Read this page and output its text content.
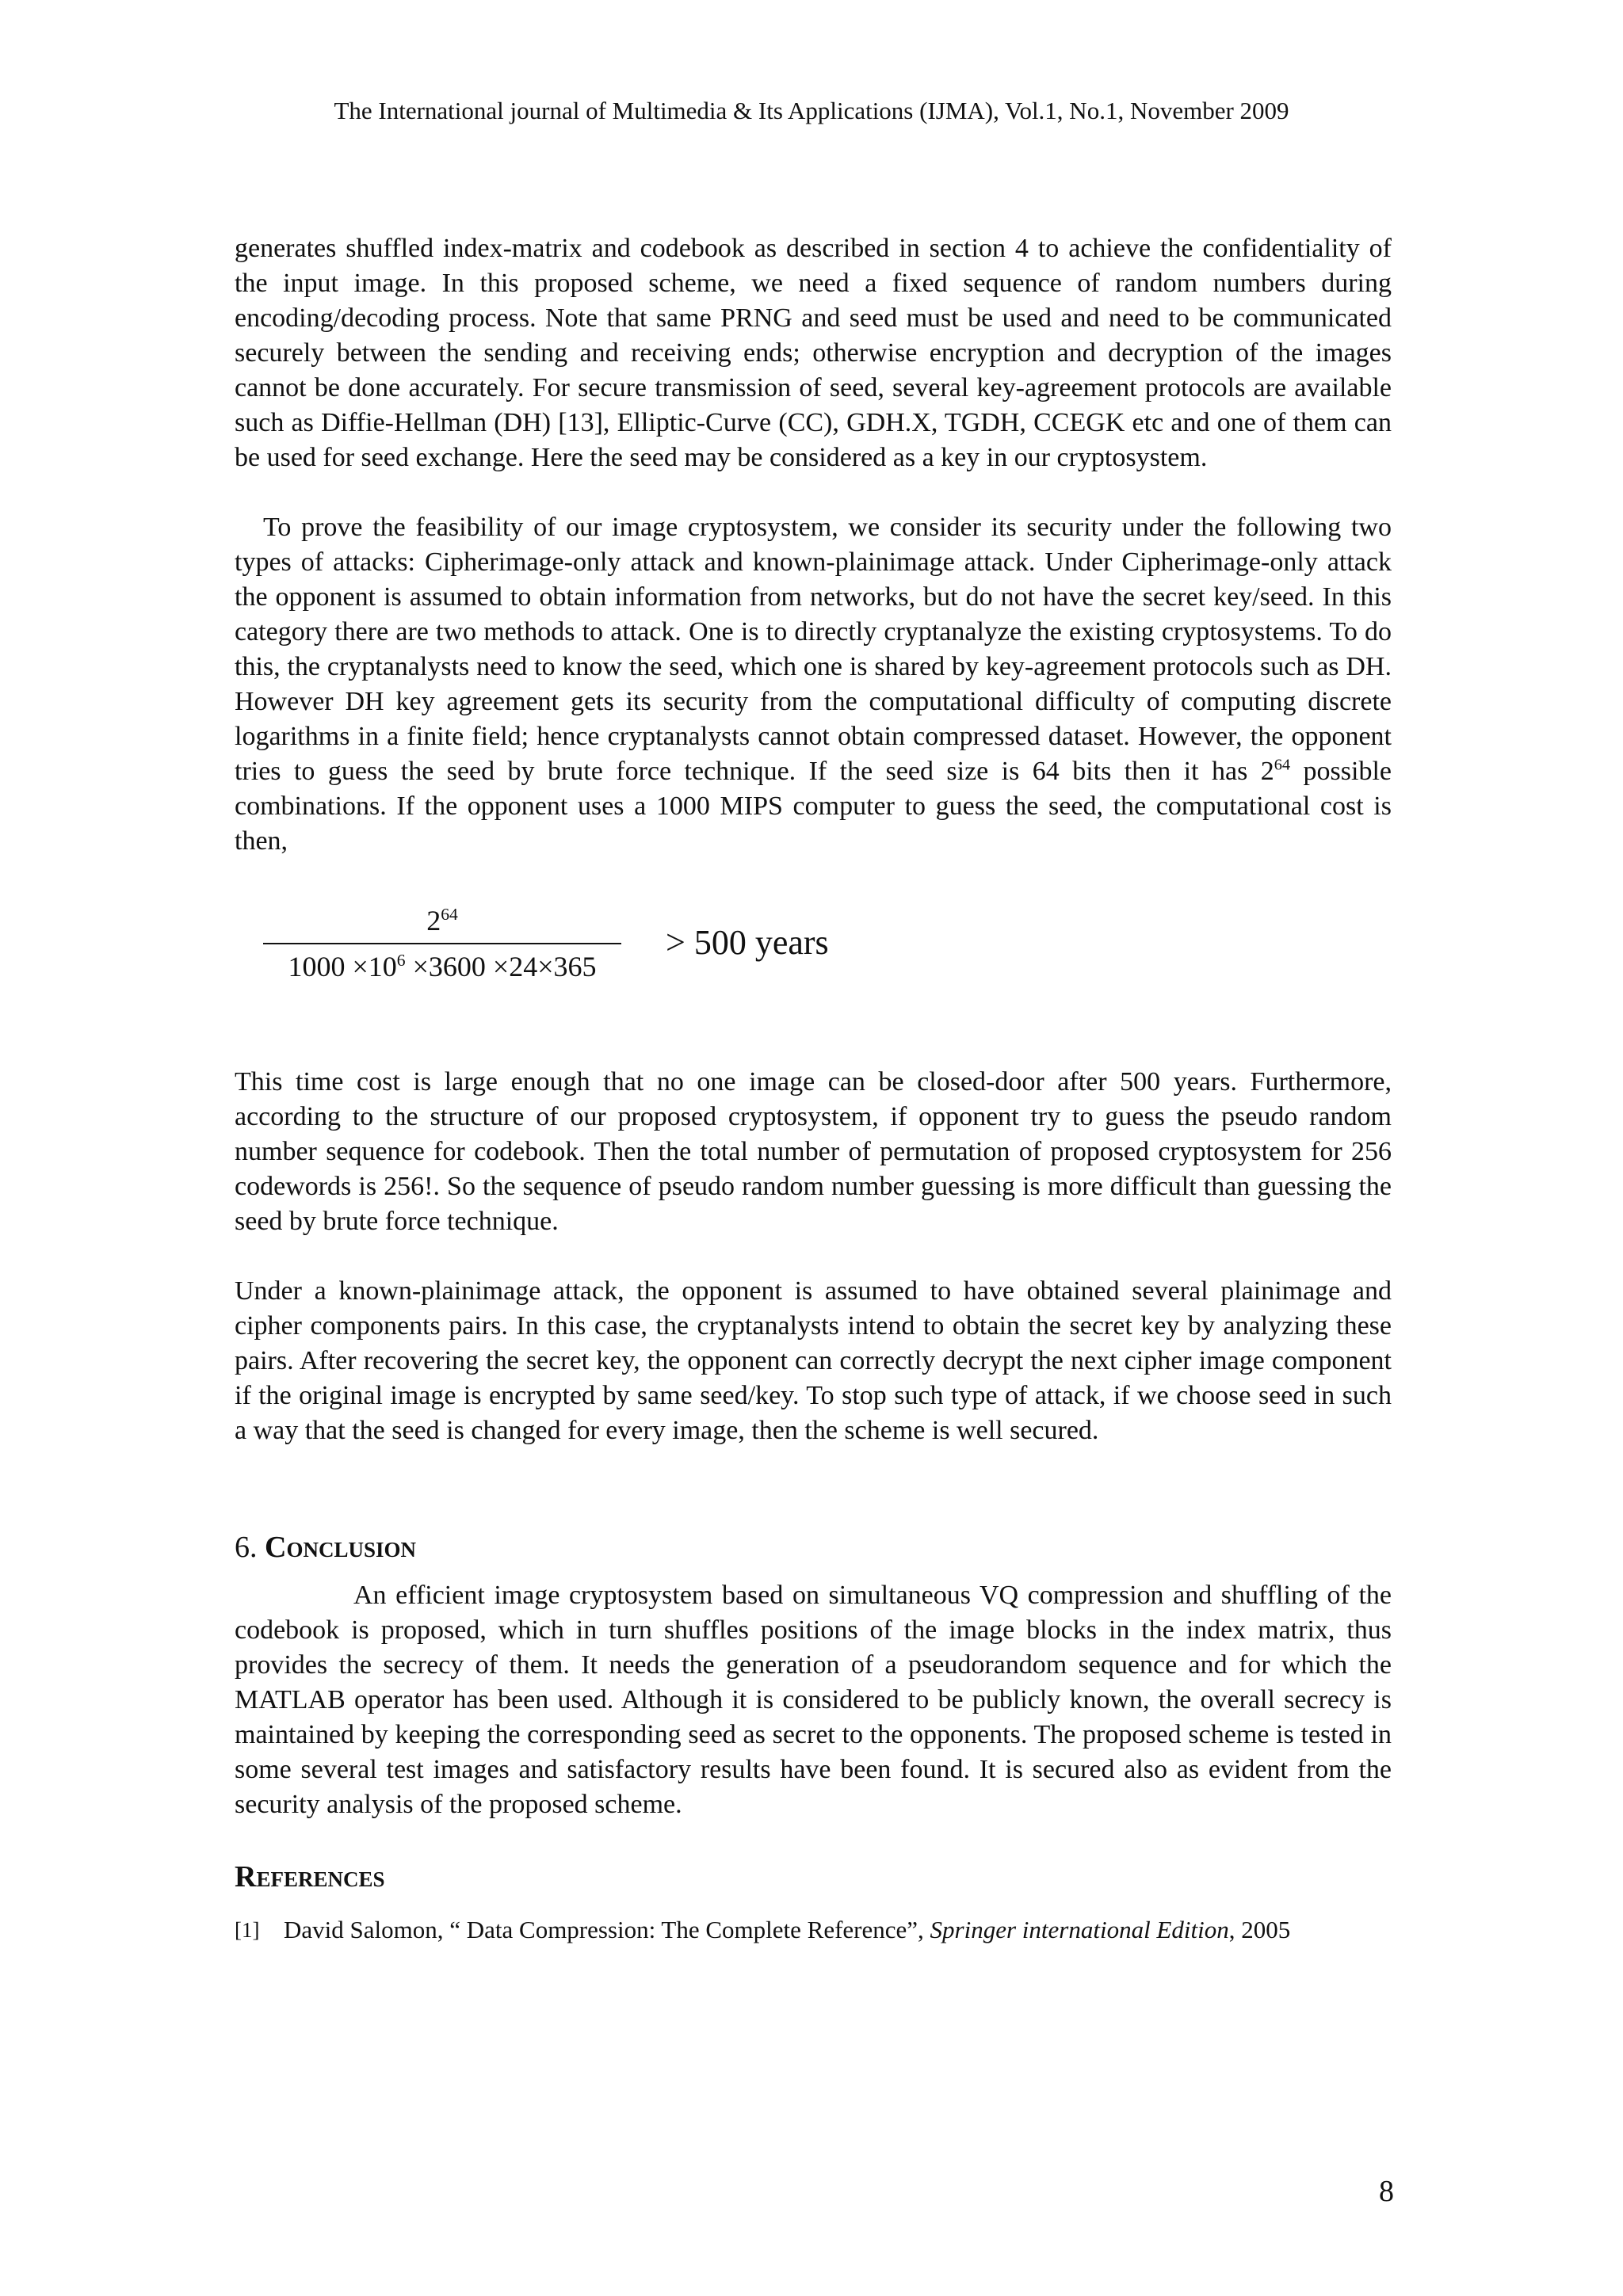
The International journal of Multimedia & Its Applications (IJMA), Vol.1, No.1, November 2009

generates shuffled index-matrix and codebook as described in section 4 to achieve the confidentiality of the input image. In this proposed scheme, we need a fixed sequence of random numbers during encoding/decoding process. Note that same PRNG and seed must be used and need to be communicated securely between the sending and receiving ends; otherwise encryption and decryption of the images cannot be done accurately. For secure transmission of seed, several key-agreement protocols are available such as Diffie-Hellman (DH) [13], Elliptic-Curve (CC), GDH.X, TGDH, CCEGK etc and one of them can be used for seed exchange. Here the seed may be considered as a key in our cryptosystem.

To prove the feasibility of our image cryptosystem, we consider its security under the following two types of attacks: Cipherimage-only attack and known-plainimage attack. Under Cipherimage-only attack the opponent is assumed to obtain information from networks, but do not have the secret key/seed. In this category there are two methods to attack. One is to directly cryptanalyze the existing cryptosystems. To do this, the cryptanalysts need to know the seed, which one is shared by key-agreement protocols such as DH. However DH key agreement gets its security from the computational difficulty of computing discrete logarithms in a finite field; hence cryptanalysts cannot obtain compressed dataset. However, the opponent tries to guess the seed by brute force technique. If the seed size is 64 bits then it has $2^{64}$ possible combinations. If the opponent uses a 1000 MIPS computer to guess the seed, the computational cost is then,

$2^{64}$
$1000 \times 10^6 \times 3600 \times 24\times 365$
> 500 years

This time cost is large enough that no one image can be closed-door after 500 years. Furthermore, according to the structure of our proposed cryptosystem, if opponent try to guess the pseudo random number sequence for codebook. Then the total number of permutation of proposed cryptosystem for 256 codewords is 256!. So the sequence of pseudo random number guessing is more difficult than guessing the seed by brute force technique.

Under a known-plainimage attack, the opponent is assumed to have obtained several plainimage and cipher components pairs. In this case, the cryptanalysts intend to obtain the secret key by analyzing these pairs. After recovering the secret key, the opponent can correctly decrypt the next cipher image component if the original image is encrypted by same seed/key. To stop such type of attack, if we choose seed in such a way that the seed is changed for every image, then the scheme is well secured.

6. Conclusion

An efficient image cryptosystem based on simultaneous VQ compression and shuffling of the codebook is proposed, which in turn shuffles positions of the image blocks in the index matrix, thus provides the secrecy of them. It needs the generation of a pseudorandom sequence and for which the MATLAB operator has been used. Although it is considered to be publicly known, the overall secrecy is maintained by keeping the corresponding seed as secret to the opponents. The proposed scheme is tested in some several test images and satisfactory results have been found. It is secured also as evident from the security analysis of the proposed scheme.

References
[1] David Salomon, “ Data Compression: The Complete Reference”, Springer international Edition, 2005
8
